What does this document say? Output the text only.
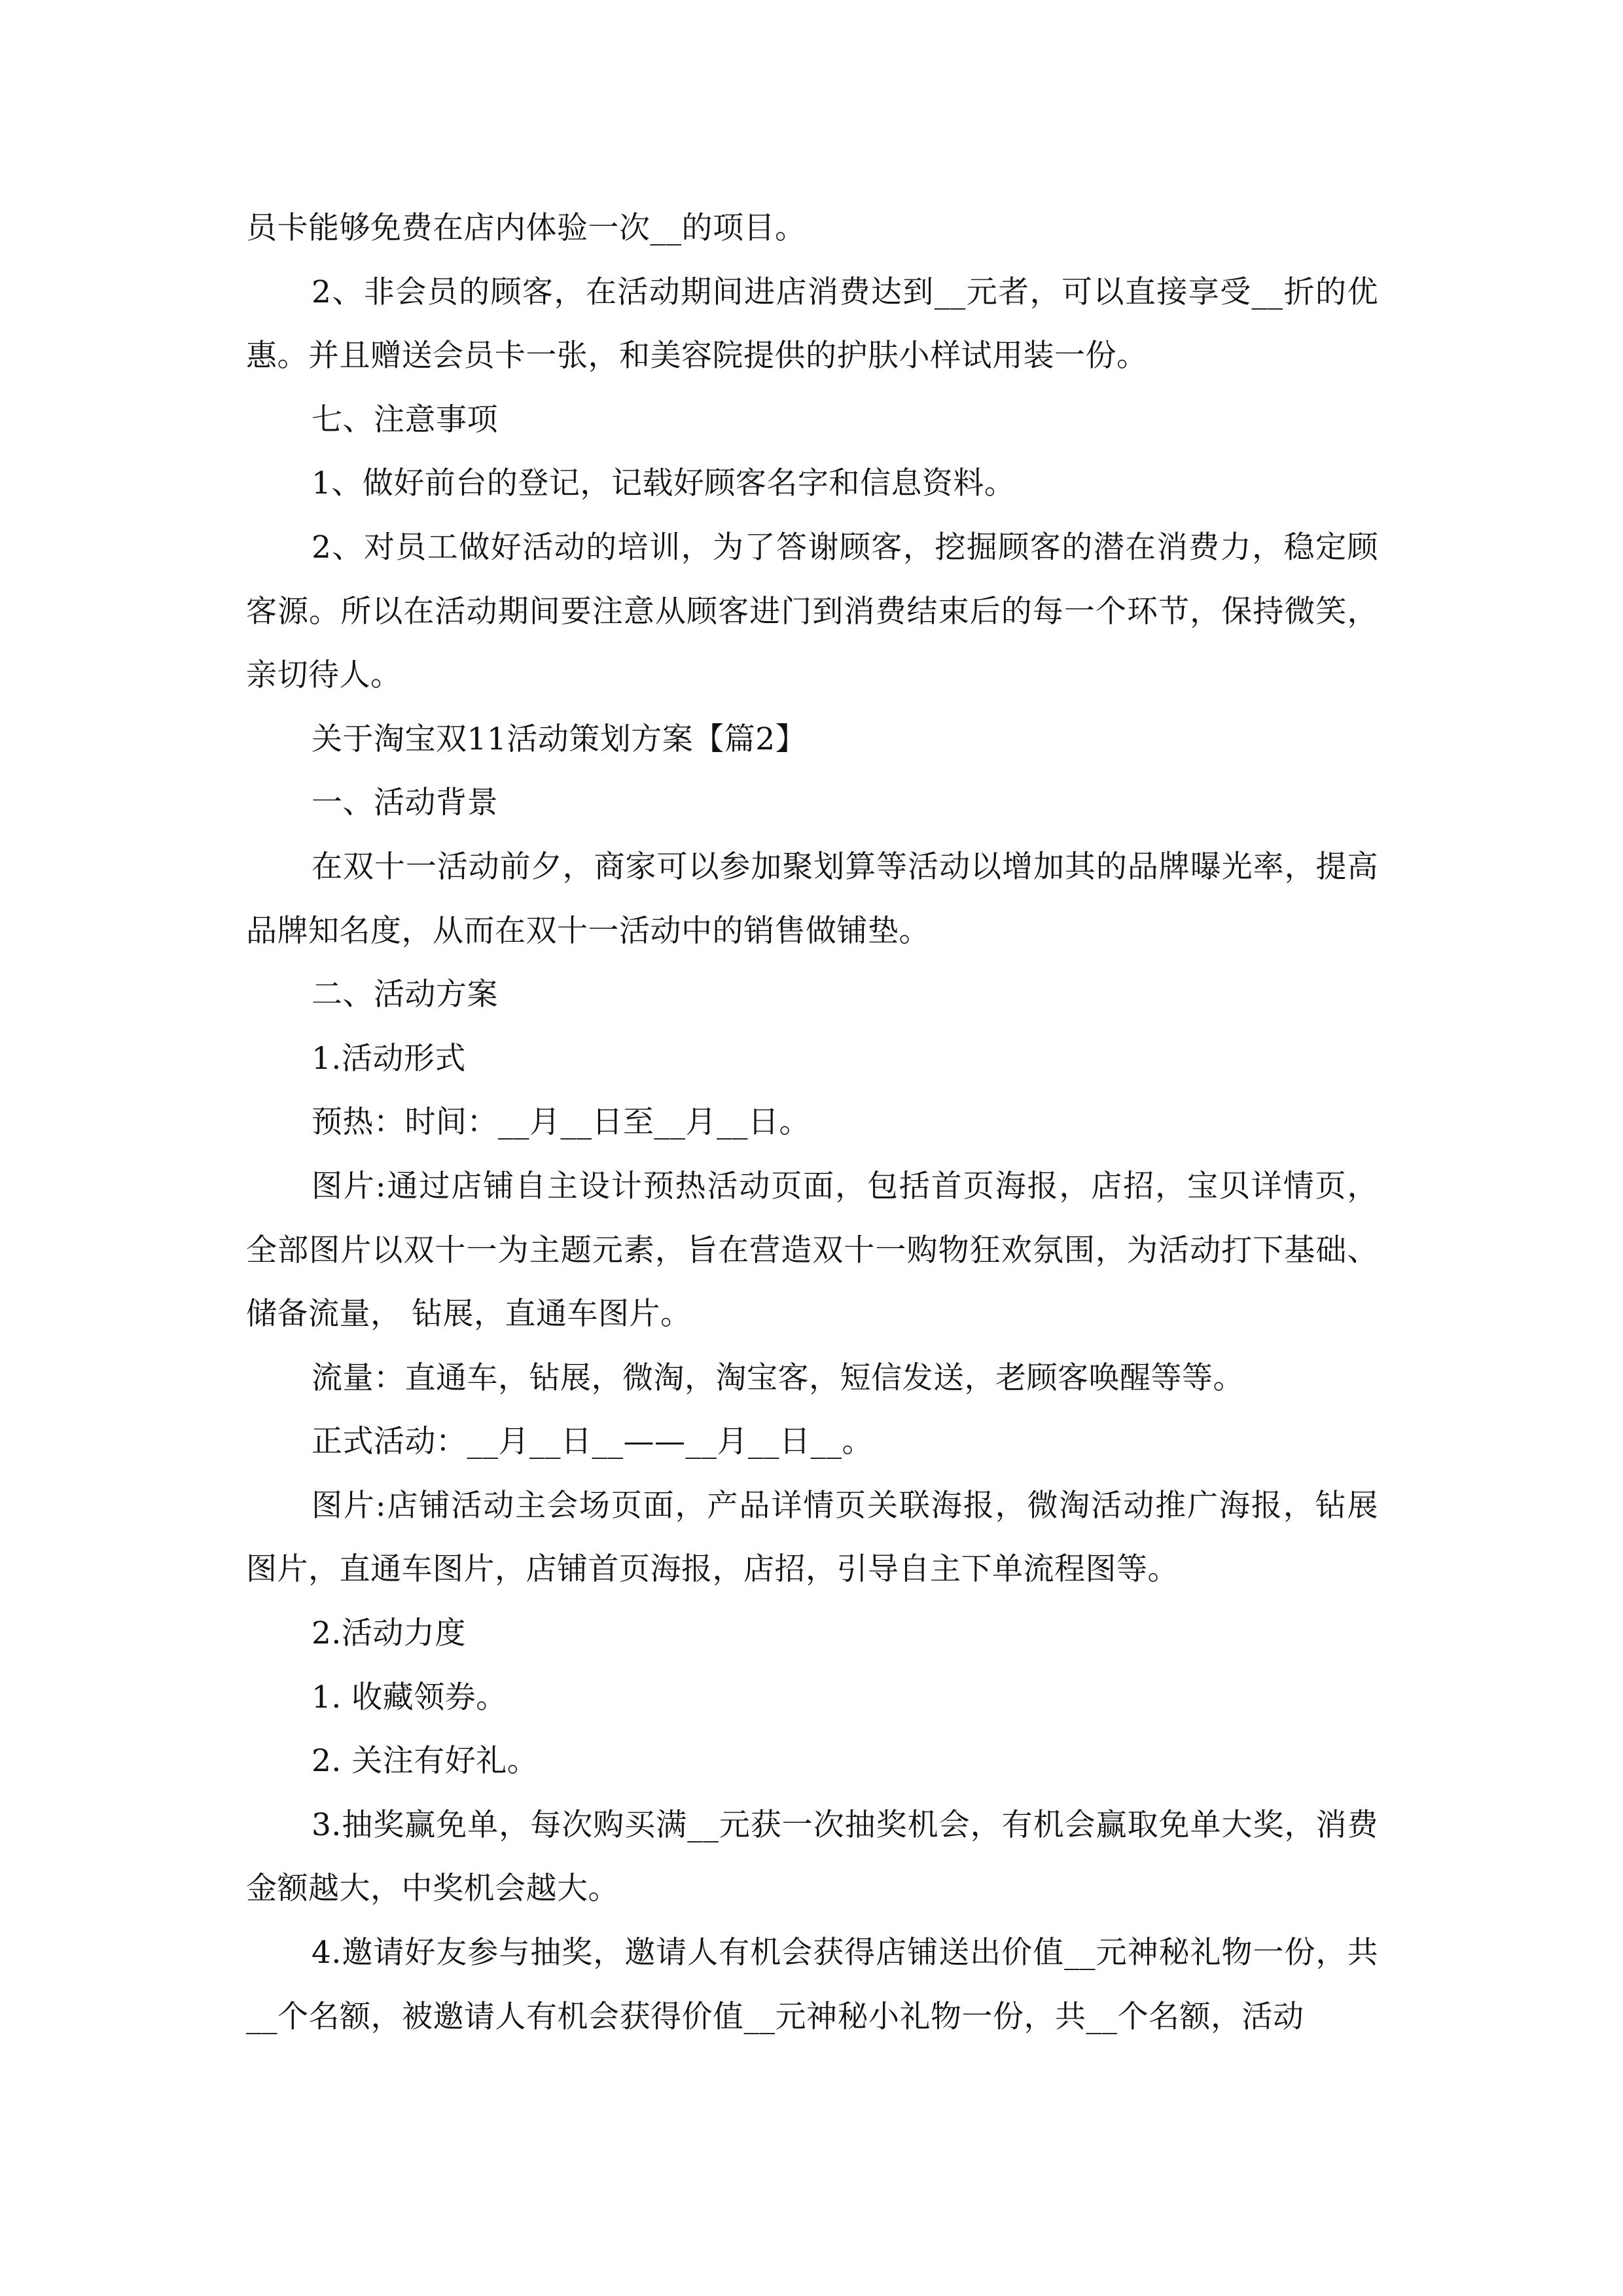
员卡能够免费在店内体验一次__的项目。

2、非会员的顾客，在活动期间进店消费达到__元者，可以直接享受__折的优惠。并且赠送会员卡一张，和美容院提供的护肤小样试用装一份。

七、注意事项

1、做好前台的登记，记载好顾客名字和信息资料。

2、对员工做好活动的培训，为了答谢顾客，挖掘顾客的潜在消费力，稳定顾客源。所以在活动期间要注意从顾客进门到消费结束后的每一个环节，保持微笑，亲切待人。

关于淘宝双11活动策划方案【篇2】

一、活动背景

在双十一活动前夕，商家可以参加聚划算等活动以增加其的品牌曝光率，提高品牌知名度，从而在双十一活动中的销售做铺垫。

二、活动方案

1.活动形式

预热：时间：__月__日至__月__日。

图片:通过店铺自主设计预热活动页面，包括首页海报，店招，宝贝详情页，全部图片以双十一为主题元素，旨在营造双十一购物狂欢氛围，为活动打下基础、储备流量， 钻展，直通车图片。

流量：直通车，钻展，微淘，淘宝客，短信发送，老顾客唤醒等等。

正式活动：__月__日__——__月__日__。

图片:店铺活动主会场页面，产品详情页关联海报，微淘活动推广海报，钻展图片，直通车图片，店铺首页海报，店招，引导自主下单流程图等。

2.活动力度

1. 收藏领券。

2. 关注有好礼。

3.抽奖赢免单，每次购买满__元获一次抽奖机会，有机会赢取免单大奖，消费金额越大，中奖机会越大。

4.邀请好友参与抽奖，邀请人有机会获得店铺送出价值__元神秘礼物一份，共__个名额，被邀请人有机会获得价值__元神秘小礼物一份，共__个名额，活动
